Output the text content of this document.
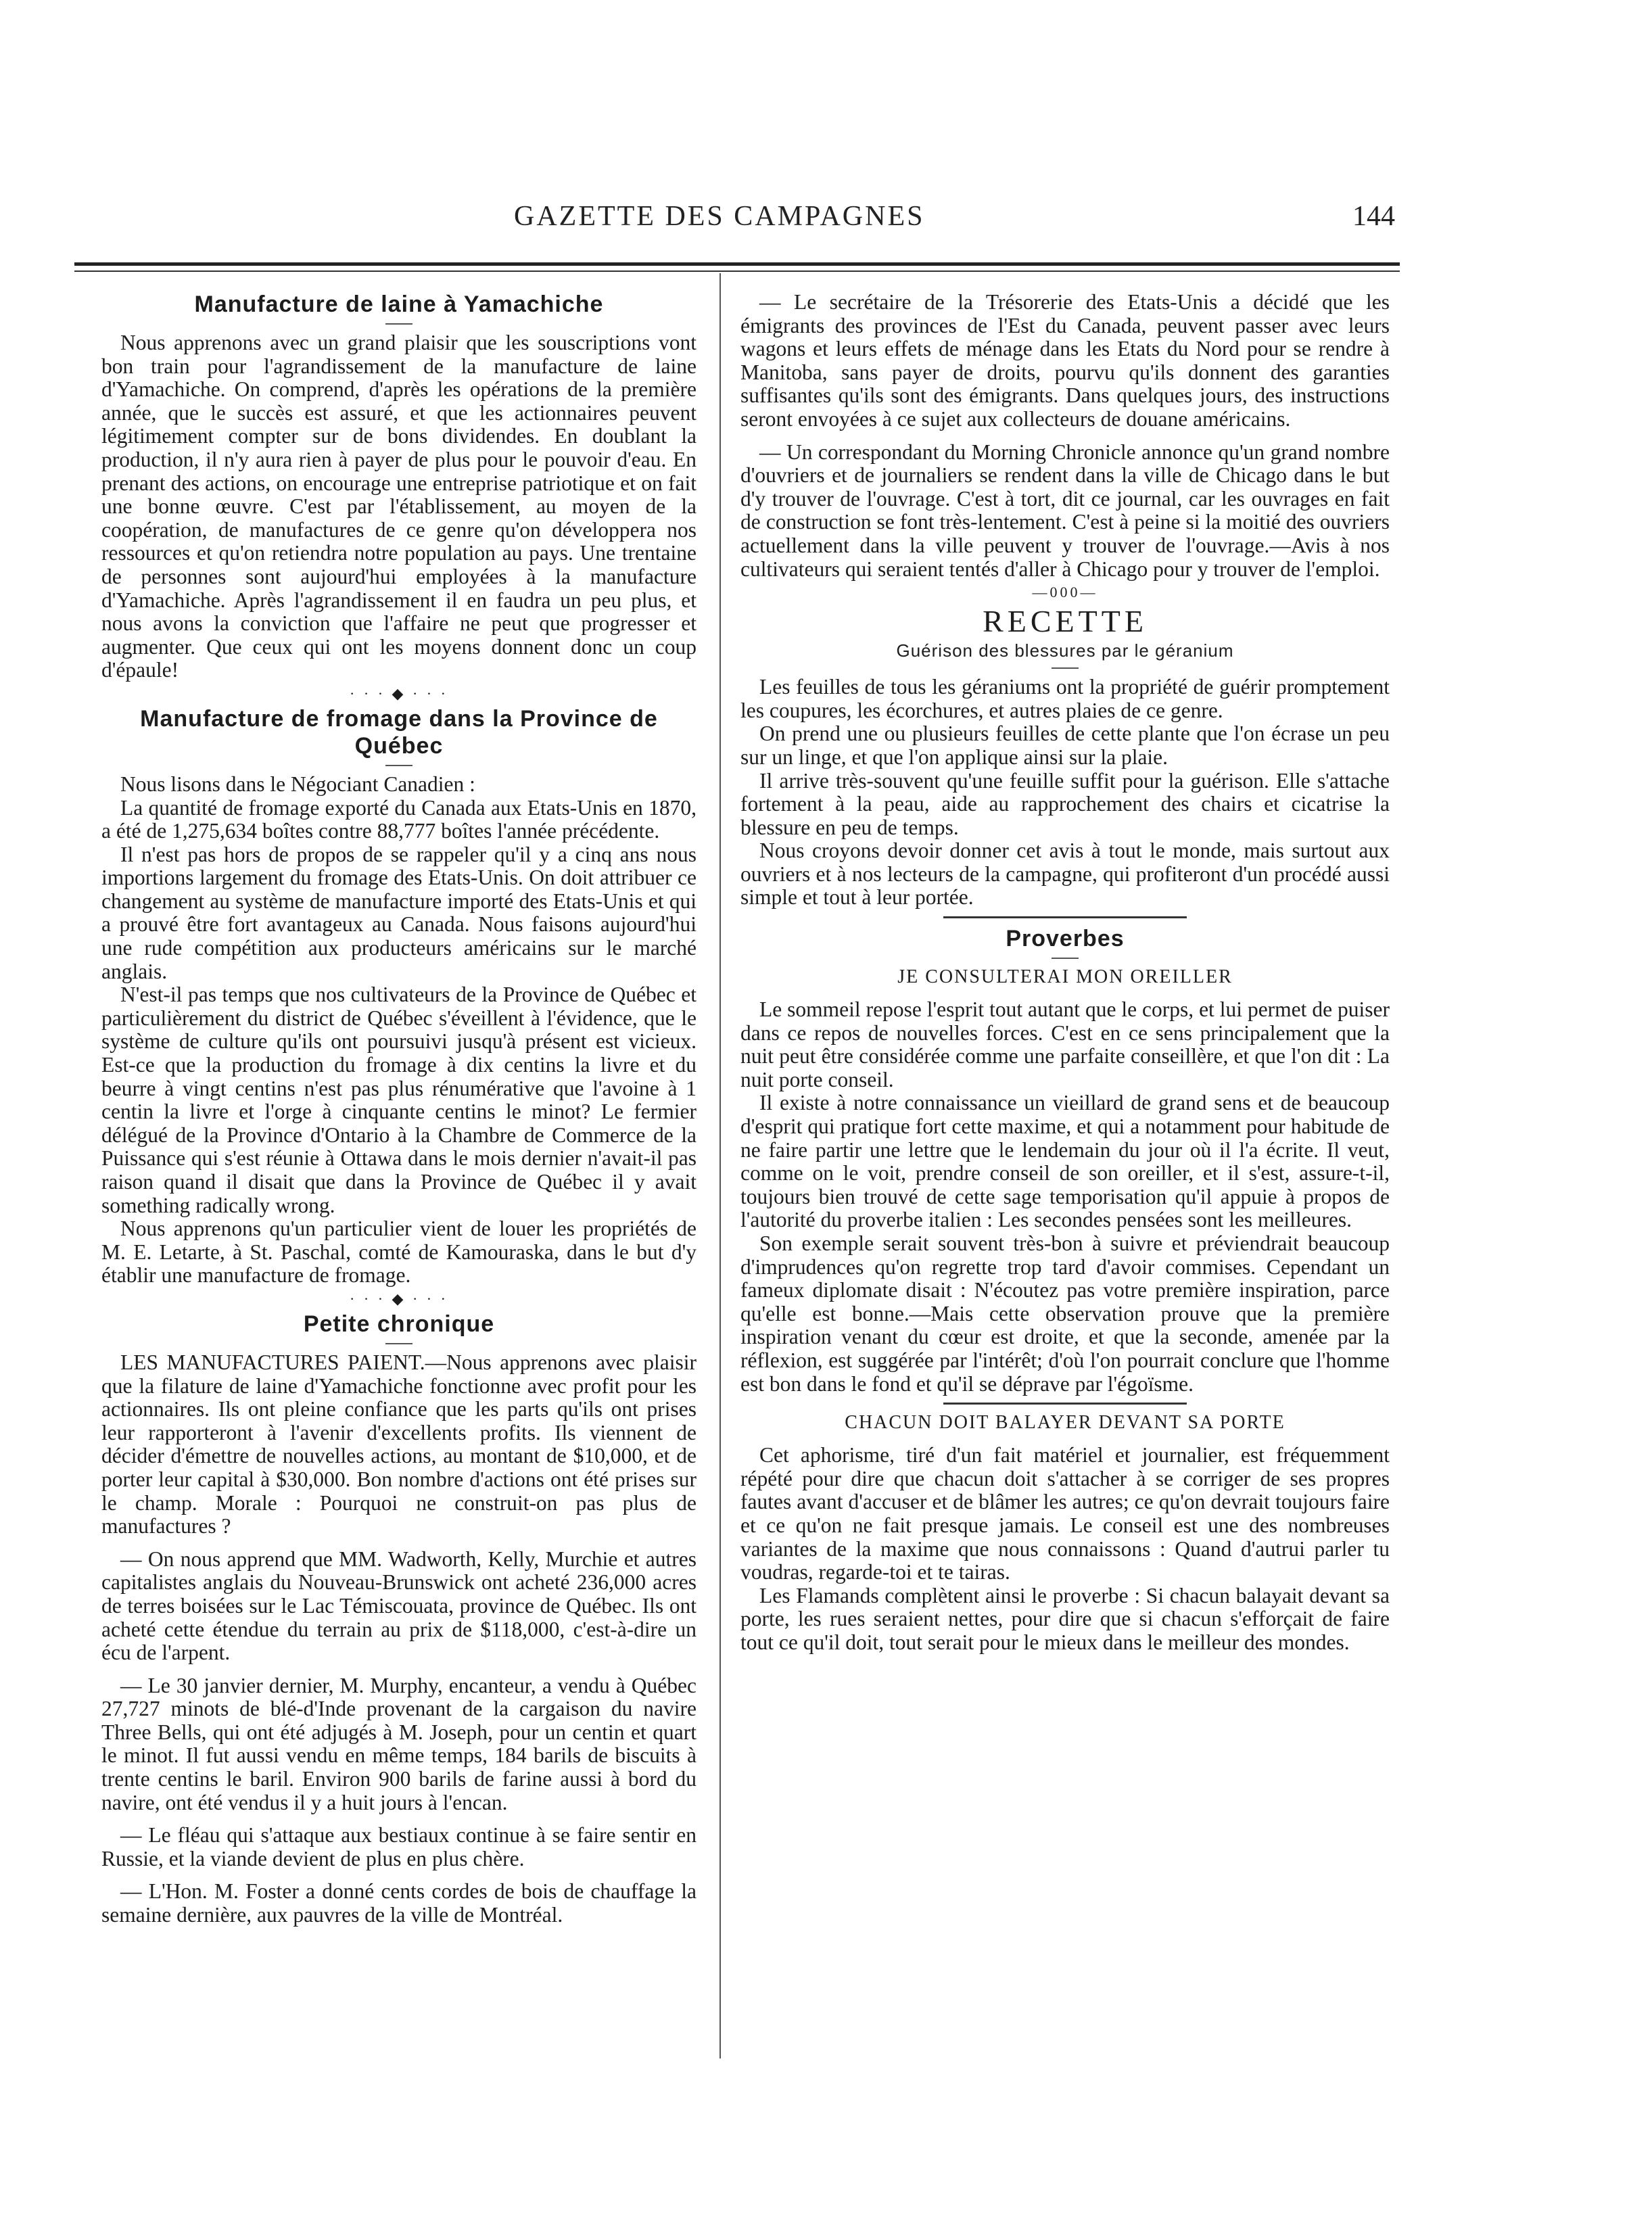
GAZETTE DES CAMPAGNES	144
Manufacture de laine à Yamachiche

Nous apprenons avec un grand plaisir que les souscriptions vont bon train pour l'agrandissement de la manufacture de laine d'Yamachiche. On comprend, d'après les opérations de la première année, que le succès est assuré, et que les actionnaires peuvent légitimement compter sur de bons dividendes. En doublant la production, il n'y aura rien à payer de plus pour le pouvoir d'eau. En prenant des actions, on encourage une entreprise patriotique et on fait une bonne œuvre. C'est par l'établissement, au moyen de la coopération, de manufactures de ce genre qu'on développera nos ressources et qu'on retiendra notre population au pays. Une trentaine de personnes sont aujourd'hui employées à la manufacture d'Yamachiche. Après l'agrandissement il en faudra un peu plus, et nous avons la conviction que l'affaire ne peut que progresser et augmenter. Que ceux qui ont les moyens donnent donc un coup d'épaule!

· · · ◆ · · ·
Manufacture de fromage dans la Province de Québec

Nous lisons dans le Négociant Canadien :

La quantité de fromage exporté du Canada aux Etats-Unis en 1870, a été de 1,275,634 boîtes contre 88,777 boîtes l'année précédente.

Il n'est pas hors de propos de se rappeler qu'il y a cinq ans nous importions largement du fromage des Etats-Unis. On doit attribuer ce changement au système de manufacture importé des Etats-Unis et qui a prouvé être fort avantageux au Canada. Nous faisons aujourd'hui une rude compétition aux producteurs américains sur le marché anglais.

N'est-il pas temps que nos cultivateurs de la Province de Québec et particulièrement du district de Québec s'éveillent à l'évidence, que le système de culture qu'ils ont poursuivi jusqu'à présent est vicieux. Est-ce que la production du fromage à dix centins la livre et du beurre à vingt centins n'est pas plus rénumérative que l'avoine à 1 centin la livre et l'orge à cinquante centins le minot? Le fermier délégué de la Province d'Ontario à la Chambre de Commerce de la Puissance qui s'est réunie à Ottawa dans le mois dernier n'avait-il pas raison quand il disait que dans la Province de Québec il y avait something radically wrong.

Nous apprenons qu'un particulier vient de louer les propriétés de M. E. Letarte, à St. Paschal, comté de Kamouraska, dans le but d'y établir une manufacture de fromage.

· · · ◆ · · ·
Petite chronique

LES MANUFACTURES PAIENT.—Nous apprenons avec plaisir que la filature de laine d'Yamachiche fonctionne avec profit pour les actionnaires. Ils ont pleine confiance que les parts qu'ils ont prises leur rapporteront à l'avenir d'excellents profits. Ils viennent de décider d'émettre de nouvelles actions, au montant de $10,000, et de porter leur capital à $30,000. Bon nombre d'actions ont été prises sur le champ. Morale : Pourquoi ne construit-on pas plus de manufactures ?

— On nous apprend que MM. Wadworth, Kelly, Murchie et autres capitalistes anglais du Nouveau-Brunswick ont acheté 236,000 acres de terres boisées sur le Lac Témiscouata, province de Québec. Ils ont acheté cette étendue du terrain au prix de $118,000, c'est-à-dire un écu de l'arpent.

— Le 30 janvier dernier, M. Murphy, encanteur, a vendu à Québec 27,727 minots de blé-d'Inde provenant de la cargaison du navire Three Bells, qui ont été adjugés à M. Joseph, pour un centin et quart le minot. Il fut aussi vendu en même temps, 184 barils de biscuits à trente centins le baril. Environ 900 barils de farine aussi à bord du navire, ont été vendus il y a huit jours à l'encan.

— Le fléau qui s'attaque aux bestiaux continue à se faire sentir en Russie, et la viande devient de plus en plus chère.

— L'Hon. M. Foster a donné cents cordes de bois de chauffage la semaine dernière, aux pauvres de la ville de Montréal.

— Le secrétaire de la Trésorerie des Etats-Unis a décidé que les émigrants des provinces de l'Est du Canada, peuvent passer avec leurs wagons et leurs effets de ménage dans les Etats du Nord pour se rendre à Manitoba, sans payer de droits, pourvu qu'ils donnent des garanties suffisantes qu'ils sont des émigrants. Dans quelques jours, des instructions seront envoyées à ce sujet aux collecteurs de douane américains.

— Un correspondant du Morning Chronicle annonce qu'un grand nombre d'ouvriers et de journaliers se rendent dans la ville de Chicago dans le but d'y trouver de l'ouvrage. C'est à tort, dit ce journal, car les ouvrages en fait de construction se font très-lentement. C'est à peine si la moitié des ouvriers actuellement dans la ville peuvent y trouver de l'ouvrage.—Avis à nos cultivateurs qui seraient tentés d'aller à Chicago pour y trouver de l'emploi.

—000—
RECETTE
Guérison des blessures par le géranium

Les feuilles de tous les géraniums ont la propriété de guérir promptement les coupures, les écorchures, et autres plaies de ce genre.

On prend une ou plusieurs feuilles de cette plante que l'on écrase un peu sur un linge, et que l'on applique ainsi sur la plaie.

Il arrive très-souvent qu'une feuille suffit pour la guérison. Elle s'attache fortement à la peau, aide au rapprochement des chairs et cicatrise la blessure en peu de temps.

Nous croyons devoir donner cet avis à tout le monde, mais surtout aux ouvriers et à nos lecteurs de la campagne, qui profiteront d'un procédé aussi simple et tout à leur portée.

Proverbes
JE CONSULTERAI MON OREILLER

Le sommeil repose l'esprit tout autant que le corps, et lui permet de puiser dans ce repos de nouvelles forces. C'est en ce sens principalement que la nuit peut être considérée comme une parfaite conseillère, et que l'on dit : La nuit porte conseil.

Il existe à notre connaissance un vieillard de grand sens et de beaucoup d'esprit qui pratique fort cette maxime, et qui a notamment pour habitude de ne faire partir une lettre que le lendemain du jour où il l'a écrite. Il veut, comme on le voit, prendre conseil de son oreiller, et il s'est, assure-t-il, toujours bien trouvé de cette sage temporisation qu'il appuie à propos de l'autorité du proverbe italien : Les secondes pensées sont les meilleures.

Son exemple serait souvent très-bon à suivre et préviendrait beaucoup d'imprudences qu'on regrette trop tard d'avoir commises. Cependant un fameux diplomate disait : N'écoutez pas votre première inspiration, parce qu'elle est bonne.—Mais cette observation prouve que la première inspiration venant du cœur est droite, et que la seconde, amenée par la réflexion, est suggérée par l'intérêt; d'où l'on pourrait conclure que l'homme est bon dans le fond et qu'il se déprave par l'égoïsme.

CHACUN DOIT BALAYER DEVANT SA PORTE

Cet aphorisme, tiré d'un fait matériel et journalier, est fréquemment répété pour dire que chacun doit s'attacher à se corriger de ses propres fautes avant d'accuser et de blâmer les autres; ce qu'on devrait toujours faire et ce qu'on ne fait presque jamais. Le conseil est une des nombreuses variantes de la maxime que nous connaissons : Quand d'autrui parler tu voudras, regarde-toi et te tairas.

Les Flamands complètent ainsi le proverbe : Si chacun balayait devant sa porte, les rues seraient nettes, pour dire que si chacun s'efforçait de faire tout ce qu'il doit, tout serait pour le mieux dans le meilleur des mondes.
